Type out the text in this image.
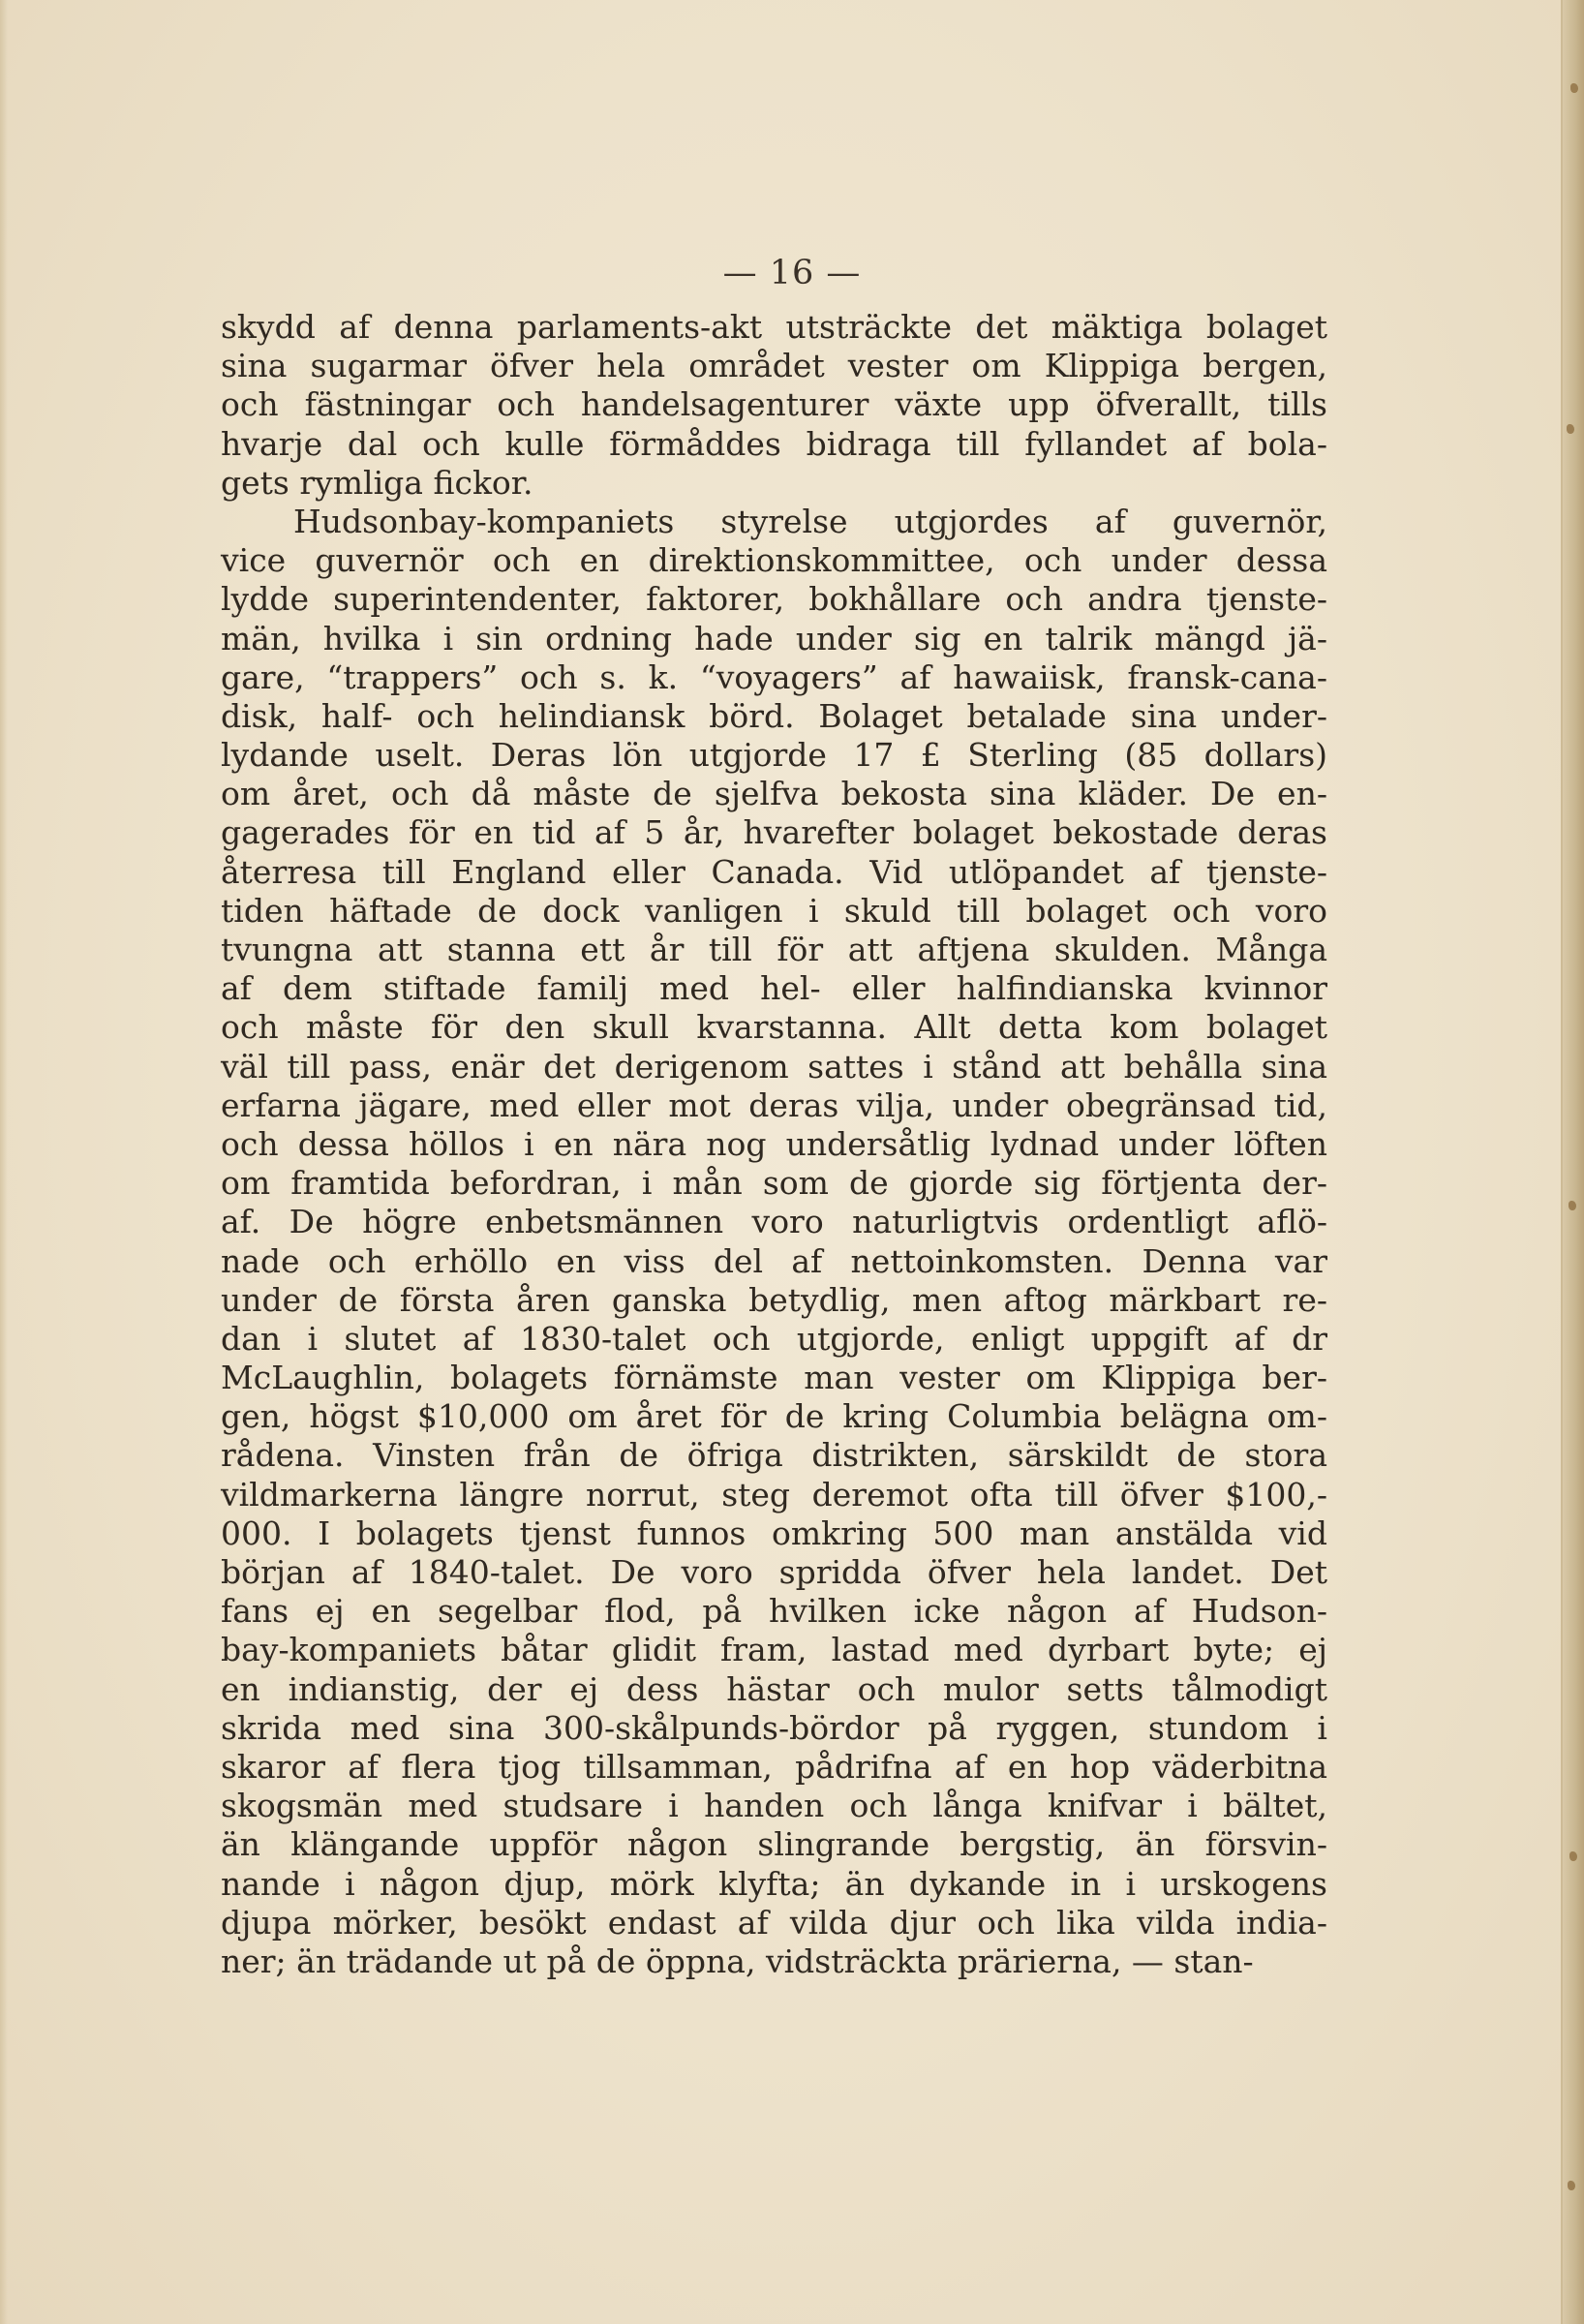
— 16 —
skydd af denna parlaments-akt utsträckte det mäktiga bolaget
sina sugarmar öfver hela området vester om Klippiga bergen,
och fästningar och handelsagenturer växte upp öfverallt, tills
hvarje dal och kulle förmåddes bidraga till fyllandet af bola-
gets rymliga fickor.
Hudsonbay-kompaniets styrelse utgjordes af guvernör,
vice guvernör och en direktionskommittee, och under dessa
lydde superintendenter, faktorer, bokhållare och andra tjenste-
män, hvilka i sin ordning hade under sig en talrik mängd jä-
gare, “trappers” och s. k. “voyagers” af hawaiisk, fransk-cana-
disk, half- och helindiansk börd. Bolaget betalade sina under-
lydande uselt. Deras lön utgjorde 17 £ Sterling (85 dollars)
om året, och då måste de sjelfva bekosta sina kläder. De en-
gagerades för en tid af 5 år, hvarefter bolaget bekostade deras
återresa till England eller Canada. Vid utlöpandet af tjenste-
tiden häftade de dock vanligen i skuld till bolaget och voro
tvungna att stanna ett år till för att aftjena skulden. Många
af dem stiftade familj med hel- eller halfindianska kvinnor
och måste för den skull kvarstanna. Allt detta kom bolaget
väl till pass, enär det derigenom sattes i stånd att behålla sina
erfarna jägare, med eller mot deras vilja, under obegränsad tid,
och dessa höllos i en nära nog undersåtlig lydnad under löften
om framtida befordran, i mån som de gjorde sig förtjenta der-
af. De högre enbetsmännen voro naturligtvis ordentligt aflö-
nade och erhöllo en viss del af nettoinkomsten. Denna var
under de första åren ganska betydlig, men aftog märkbart re-
dan i slutet af 1830-talet och utgjorde, enligt uppgift af dr
McLaughlin, bolagets förnämste man vester om Klippiga ber-
gen, högst $10,000 om året för de kring Columbia belägna om-
rådena. Vinsten från de öfriga distrikten, särskildt de stora
vildmarkerna längre norrut, steg deremot ofta till öfver $100,-
000. I bolagets tjenst funnos omkring 500 man anstälda vid
början af 1840-talet. De voro spridda öfver hela landet. Det
fans ej en segelbar flod, på hvilken icke någon af Hudson-
bay-kompaniets båtar glidit fram, lastad med dyrbart byte; ej
en indianstig, der ej dess hästar och mulor setts tålmodigt
skrida med sina 300-skålpunds-bördor på ryggen, stundom i
skaror af flera tjog tillsamman, pådrifna af en hop väderbitna
skogsmän med studsare i handen och långa knifvar i bältet,
än klängande uppför någon slingrande bergstig, än försvin-
nande i någon djup, mörk klyfta; än dykande in i urskogens
djupa mörker, besökt endast af vilda djur och lika vilda india-
ner; än trädande ut på de öppna, vidsträckta prärierna, — stan-
